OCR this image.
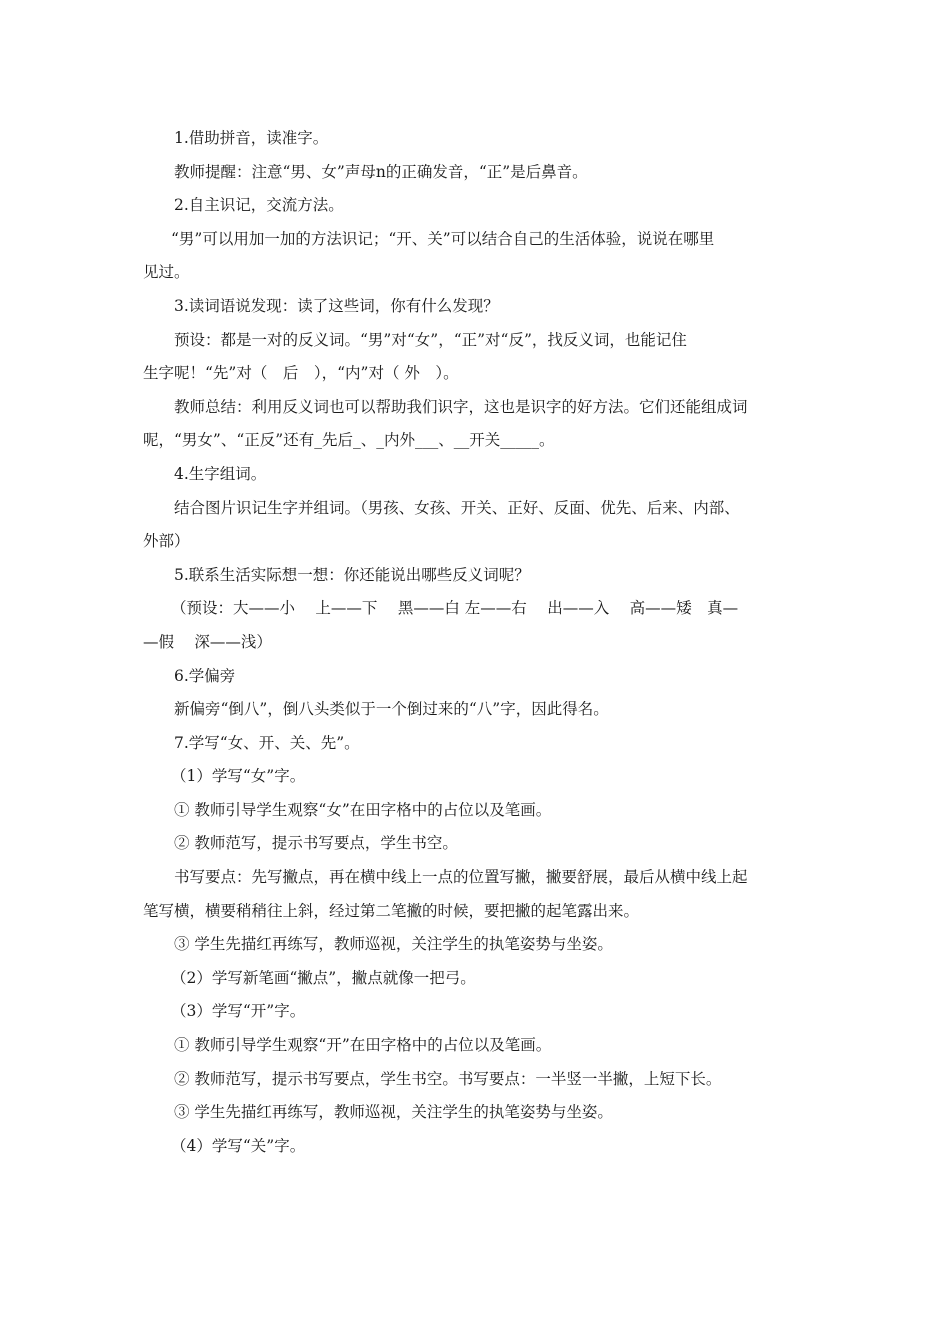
1.借助拼音，读准字。
教师提醒：注意“男、女”声母n的正确发音，“正”是后鼻音。
2.自主识记，交流方法。
“男”可以用加一加的方法识记；“开、关”可以结合自己的生活体验，说说在哪里
见过。
3.读词语说发现：读了这些词，你有什么发现？
预设：都是一对的反义词。“男”对“女”，“正”对“反”，找反义词，也能记住
生字呢！“先”对（　后　），“内”对（ 外　）。
教师总结：利用反义词也可以帮助我们识字，这也是识字的好方法。它们还能组成词
呢，“男女”、“正反”还有_先后_、_内外___、__开关_____。
4.生字组词。
结合图片识记生字并组词。（男孩、女孩、开关、正好、反面、优先、后来、内部、
外部）
5.联系生活实际想一想：你还能说出哪些反义词呢？
（预设：大——小　 上——下　 黑——白 左——右　 出——入　 高——矮　真—
—假　 深——浅）
6.学偏旁
新偏旁“倒八”，倒八头类似于一个倒过来的“八”字，因此得名。
7.学写“女、开、关、先”。
（1）学写“女”字。
① 教师引导学生观察“女”在田字格中的占位以及笔画。
② 教师范写，提示书写要点，学生书空。
书写要点：先写撇点，再在横中线上一点的位置写撇，撇要舒展，最后从横中线上起
笔写横，横要稍稍往上斜，经过第二笔撇的时候，要把撇的起笔露出来。
③ 学生先描红再练写，教师巡视，关注学生的执笔姿势与坐姿。
（2）学写新笔画“撇点”，撇点就像一把弓。
（3）学写“开”字。
① 教师引导学生观察“开”在田字格中的占位以及笔画。
② 教师范写，提示书写要点，学生书空。书写要点：一半竖一半撇，上短下长。
③ 学生先描红再练写，教师巡视，关注学生的执笔姿势与坐姿。
（4）学写“关”字。
